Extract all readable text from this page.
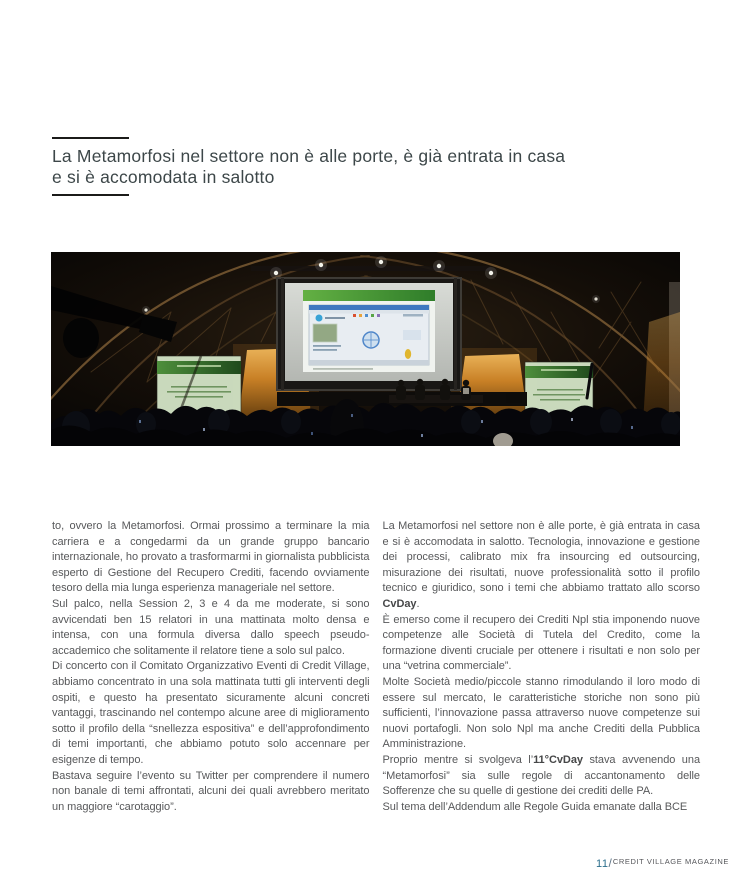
La Metamorfosi nel settore non è alle porte, è già entrata in casa e si è accomodata in salotto

to, ovvero la Metamorfosi. Ormai prossimo a terminare la mia carriera e a congedarmi da un grande gruppo bancario internazionale, ho provato a trasformarmi in giornalista pubblicista esperto di Gestione del Recupero Crediti, facendo ovviamente tesoro della mia lunga esperienza manageriale nel settore.

Sul palco, nella Session 2, 3 e 4 da me moderate, si sono avvicendati ben 15 relatori in una mattinata molto densa e intensa, con una formula diversa dallo speech pseudo-accademico che solitamente il relatore tiene a solo sul palco.

Di concerto con il Comitato Organizzativo Eventi di Credit Village, abbiamo concentrato in una sola mattinata tutti gli interventi degli ospiti, e questo ha presentato sicuramente alcuni concreti vantaggi, trascinando nel contempo alcune aree di miglioramento sotto il profilo della “snellezza espositiva” e dell’approfondimento di temi importanti, che abbiamo potuto solo accennare per esigenze di tempo.

Bastava seguire l’evento su Twitter per comprendere il numero non banale di temi affrontati, alcuni dei quali avrebbero meritato un maggiore “carotaggio”.

La Metamorfosi nel settore non è alle porte, è già entrata in casa e si è accomodata in salotto. Tecnologia, innovazione e gestione dei processi, calibrato mix fra insourcing ed outsourcing, misurazione dei risultati, nuove professionalità sotto il profilo tecnico e giuridico, sono i temi che abbiamo trattato allo scorso CvDay.

È emerso come il recupero dei Crediti Npl stia imponendo nuove competenze alle Società di Tutela del Credito, come la formazione diventi cruciale per ottenere i risultati e non solo per una “vetrina commerciale”.

Molte Società medio/piccole stanno rimodulando il loro modo di essere sul mercato, le caratteristiche storiche non sono più sufficienti, l’innovazione passa attraverso nuove competenze sui nuovi portafogli. Non solo Npl ma anche Crediti della Pubblica Amministrazione.

Proprio mentre si svolgeva l’11°CvDay stava avvenendo una “Metamorfosi” sia sulle regole di accantonamento delle Sofferenze che su quelle di gestione dei crediti delle PA.

Sul tema dell’Addendum alle Regole Guida emanate dalla BCE

11/CREDIT VILLAGE MAGAZINE
